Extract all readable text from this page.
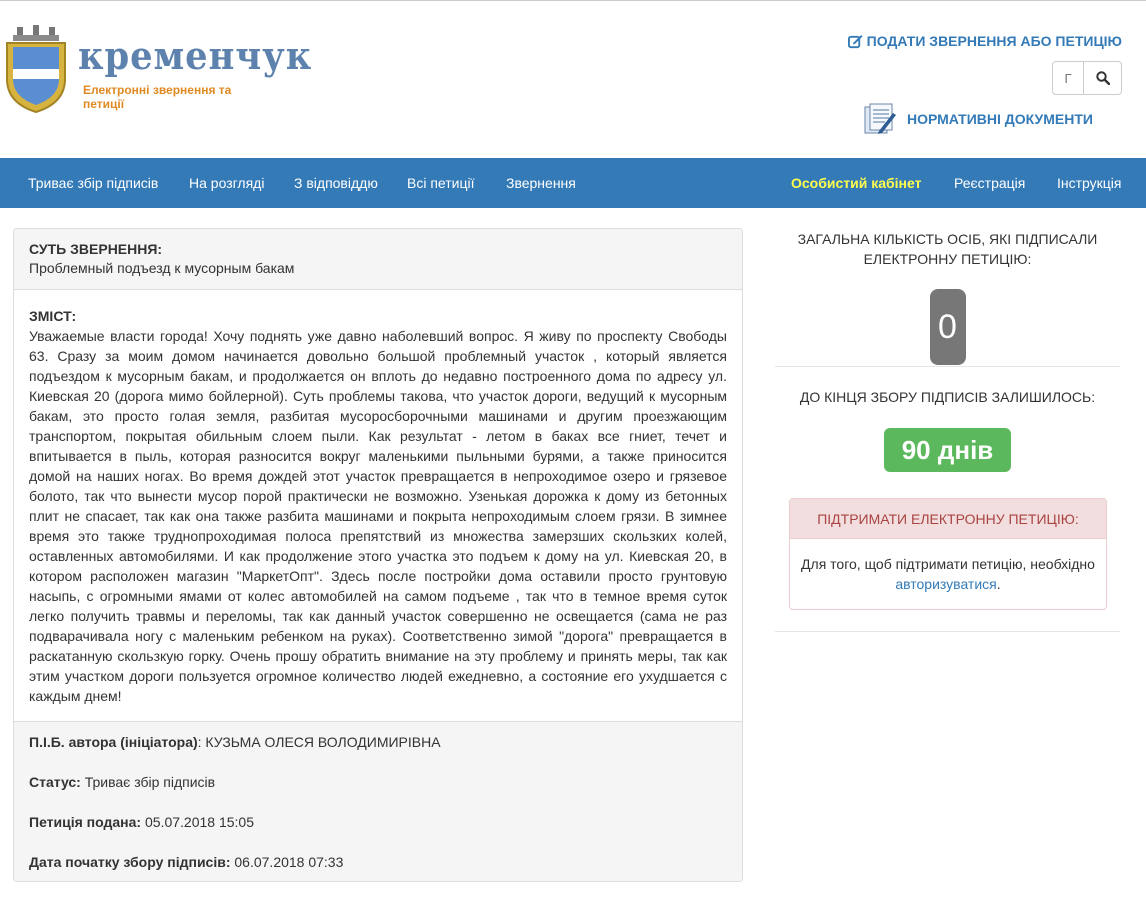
кременчук
Електронні звернення та петиції
ПОДАТИ ЗВЕРНЕННЯ АБО ПЕТИЦІЮ
Г
НОРМАТИВНІ ДОКУМЕНТИ
Триває збір підписів На розгляді З відповіддю Всі петиції Звернення	Особистий кабінет Реєстрація Інструкція
СУТЬ ЗВЕРНЕННЯ:
Проблемный подъезд к мусорным бакам
ЗМІСТ:
Уважаемые власти города! Хочу поднять уже давно наболевший вопрос. Я живу по проспекту Свободы 63. Сразу за моим домом начинается довольно большой проблемный участок , который является подъездом к мусорным бакам, и продолжается он вплоть до недавно построенного дома по адресу ул. Киевская 20 (дорога мимо бойлерной). Суть проблемы такова, что участок дороги, ведущий к мусорным бакам, это просто голая земля, разбитая мусоросборочными машинами и другим проезжающим транспортом, покрытая обильным слоем пыли. Как результат - летом в баках все гниет, течет и впитывается в пыль, которая разносится вокруг маленькими пыльными бурями, а также приносится домой на наших ногах. Во время дождей этот участок превращается в непроходимое озеро и грязевое болото, так что вынести мусор порой практически не возможно. Узенькая дорожка к дому из бетонных плит не спасает, так как она также разбита машинами и покрыта непроходимым слоем грязи. В зимнее время это также труднопроходимая полоса препятствий из множества замерзших скользких колей, оставленных автомобилями. И как продолжение этого участка это подъем к дому на ул. Киевская 20, в котором расположен магазин "МаркетОпт". Здесь после постройки дома оставили просто грунтовую насыпь, с огромными ямами от колес автомобилей на самом подъеме , так что в темное время суток легко получить травмы и переломы, так как данный участок совершенно не освещается (сама не раз подварачивала ногу с маленьким ребенком на руках). Соответственно зимой "дорога" превращается в раскатанную скользкую горку. Очень прошу обратить внимание на эту проблему и принять меры, так как этим участком дороги пользуется огромное количество людей ежедневно, а состояние его ухудшается с каждым днем!
П.І.Б. автора (ініціатора): КУЗЬМА ОЛЕСЯ ВОЛОДИМИРІВНА
Статус: Триває збір підписів
Петиція подана: 05.07.2018 15:05
Дата початку збору підписів: 06.07.2018 07:33
ЗАГАЛЬНА КІЛЬКІСТЬ ОСІБ, ЯКІ ПІДПИСАЛИ ЕЛЕКТРОННУ ПЕТИЦІЮ:
0
ДО КІНЦЯ ЗБОРУ ПІДПИСІВ ЗАЛИШИЛОСЬ:
90 днів
ПІДТРИМАТИ ЕЛЕКТРОННУ ПЕТИЦІЮ:
Для того, щоб підтримати петицію, необхідно авторизуватися.
